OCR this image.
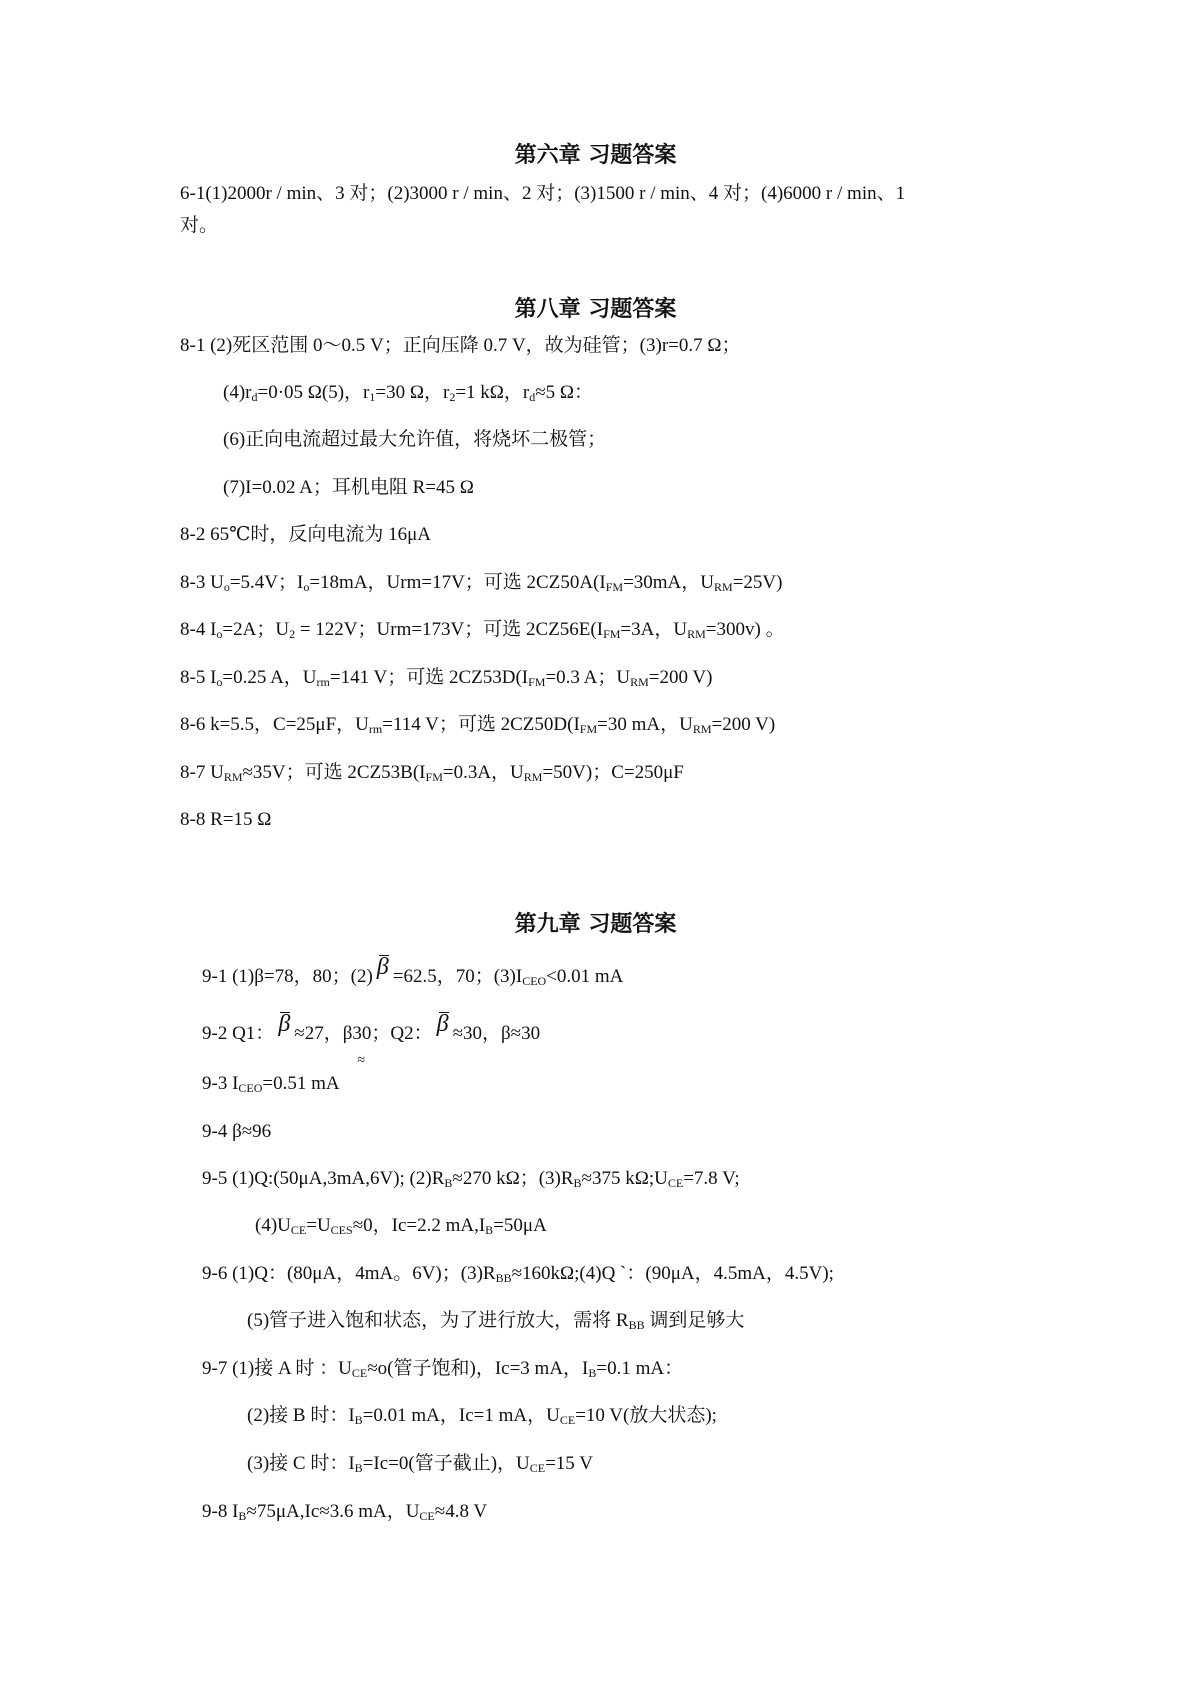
第六章 习题答案
6-1(1)2000r / min、3 对；(2)3000 r / min、2 对；(3)1500 r / min、4 对；(4)6000 r / min、1
对。
第八章 习题答案
8-1 (2)死区范围 0～0.5 V；正向压降 0.7 V，故为硅管；(3)r=0.7 Ω；
$(4)r_d=0\cdot 05$ Ω(5)，$r_1=30$ Ω，$r_2=1$ kΩ，$r_d\approx 5$ Ω：
(6)正向电流超过最大允许值，将烧坏二极管；
(7)I=0.02 A；耳机电阻 R=45 Ω
8-2 65℃时，反向电流为 16μA
8-3 $U_o=5.4V$；$I_o=18mA$，Urm=17V；可选 $2CZ50A(I_{FM}=30mA$，$U_{RM}=25V$)
8-4 $I_o=2A$；$U_2 = 122V$；Urm=173V；可选 $2CZ56E(I_{FM}=3A$，$U_{RM}=300v$) 。
8-5 $I_o=0.25$ A，$U_{rm}=141$ V；可选 $2CZ53D(I_{FM}=0.3$ A；$U_{RM}=200$ V)
8-6 k=5.5，C=25μF，$U_{rm}=114$ V；可选 $2CZ50D(I_{FM}=30$ mA，$U_{RM}=200$ V)
8-7 $U_{RM}\approx 35V$；可选 $2CZ53B(I_{FM}=0.3A$，$U_{RM}=50V$)；C=250μF
8-8 R=15 Ω
第九章 习题答案
9-1 (1)β=78，80；(2) β =62.5，70；$(3)I_{CEO}<0.01$ mA
9-2 Q1： β ≈27，β
≈
30；Q2： β ≈30，β≈30
9-3 $I_{CEO}=0.51$ mA
9-4 β≈96
9-5 (1)Q:(50μA,3mA,6V); $(2)R_B\approx 270$ kΩ；$(3)R_B\approx 375$ $k\Omega;U_{CE}=7.8$ V;
$(4)U_{CE}=U_{CES}\approx 0$，Ic=2.2 $mA,I_B=50\mu A$
9-6 (1)Q：(80μA，4mA。6V)；$(3)R_{BB}\approx 160k\Omega;(4)Q$ `：(90μA，4.5mA，4.5V);
(5)管子进入饱和状态，为了进行放大，需将 $R_{BB}$ 调到足够大
9-7 (1)接 A 时 ：$U_{CE}\approx o$(管子饱和)，Ic=3 mA，$I_B=0.1$ mA：
(2)接 B 时：$I_B=0.01$ mA，Ic=1 mA，$U_{CE}=10$ V(放大状态);
(3)接 C 时：$I_B=Ic=0$(管子截止)，$U_{CE}=15$ V
9-8 $I_B\approx 75\mu A,Ic\approx 3.6$ mA，$U_{CE}\approx 4.8$ V
